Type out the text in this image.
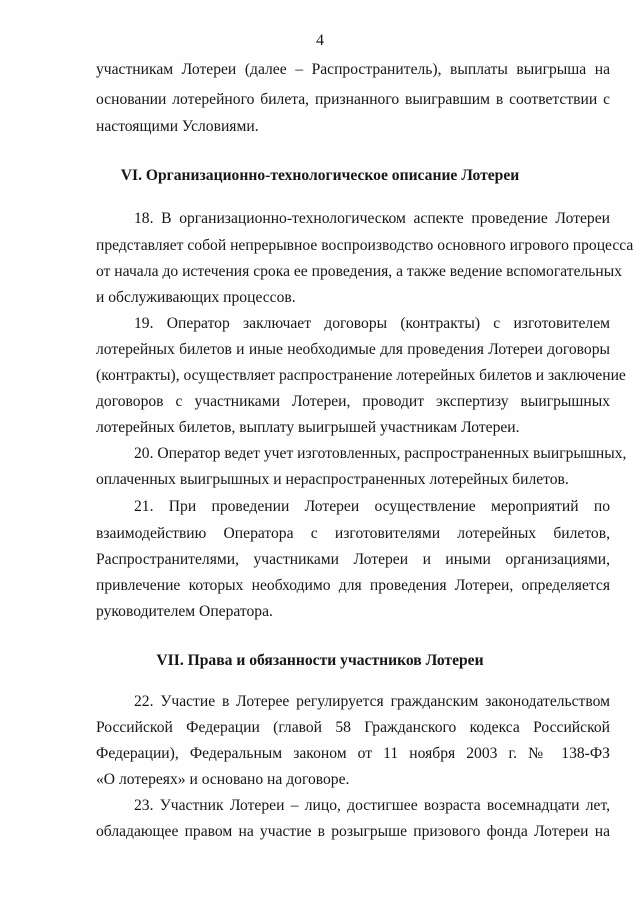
4
участникам Лотереи (далее – Распространитель), выплаты выигрыша на
основании лотерейного билета, признанного выигравшим в соответствии с
настоящими Условиями.
VI. Организационно-технологическое описание Лотереи
18. В организационно-технологическом аспекте проведение Лотереи
представляет собой непрерывное воспроизводство основного игрового процесса
от начала до истечения срока ее проведения, а также ведение вспомогательных
и обслуживающих процессов.
19. Оператор заключает договоры (контракты) с изготовителем
лотерейных билетов и иные необходимые для проведения Лотереи договоры
(контракты), осуществляет распространение лотерейных билетов и заключение
договоров с участниками Лотереи, проводит экспертизу выигрышных
лотерейных билетов, выплату выигрышей участникам Лотереи.
20. Оператор ведет учет изготовленных, распространенных выигрышных,
оплаченных выигрышных и нераспространенных лотерейных билетов.
21. При проведении Лотереи осуществление мероприятий по
взаимодействию Оператора с изготовителями лотерейных билетов,
Распространителями, участниками Лотереи и иными организациями,
привлечение которых необходимо для проведения Лотереи, определяется
руководителем Оператора.
VII. Права и обязанности участников Лотереи
22. Участие в Лотерее регулируется гражданским законодательством
Российской Федерации (главой 58 Гражданского кодекса Российской
Федерации), Федеральным законом от 11 ноября 2003 г. № 138-ФЗ
«О лотереях» и основано на договоре.
23. Участник Лотереи – лицо, достигшее возраста восемнадцати лет,
обладающее правом на участие в розыгрыше призового фонда Лотереи на
